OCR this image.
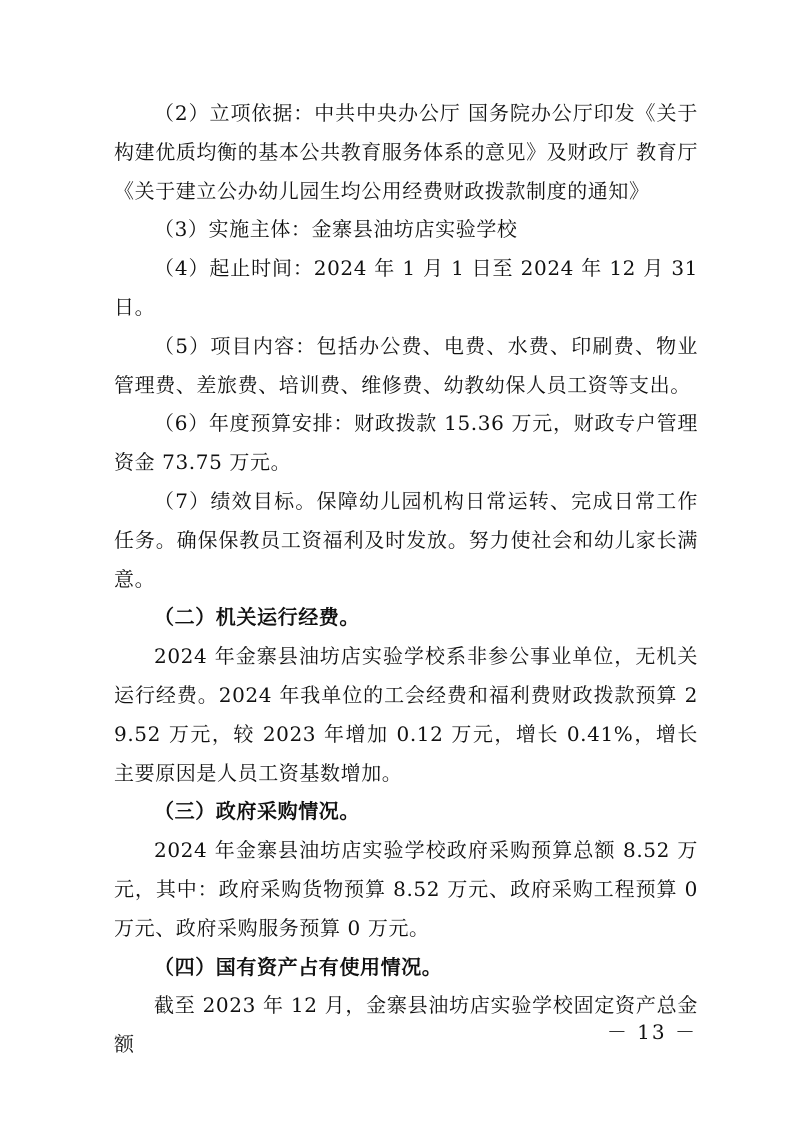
（2）立项依据：中共中央办公厅 国务院办公厅印发《关于构建优质均衡的基本公共教育服务体系的意见》及财政厅 教育厅《关于建立公办幼儿园生均公用经费财政拨款制度的通知》

（3）实施主体：金寨县油坊店实验学校

（4）起止时间：2024 年 1 月 1 日至 2024 年 12 月 31 日。

（5）项目内容：包括办公费、电费、水费、印刷费、物业管理费、差旅费、培训费、维修费、幼教幼保人员工资等支出。

（6）年度预算安排：财政拨款 15.36 万元，财政专户管理资金 73.75 万元。

（7）绩效目标。保障幼儿园机构日常运转、完成日常工作任务。确保保教员工资福利及时发放。努力使社会和幼儿家长满意。

（二）机关运行经费。

2024 年金寨县油坊店实验学校系非参公事业单位，无机关运行经费。2024 年我单位的工会经费和福利费财政拨款预算 29.52 万元，较 2023 年增加 0.12 万元，增长 0.41%，增长主要原因是人员工资基数增加。

（三）政府采购情况。

2024 年金寨县油坊店实验学校政府采购预算总额 8.52 万元，其中：政府采购货物预算 8.52 万元、政府采购工程预算 0 万元、政府采购服务预算 0 万元。

（四）国有资产占有使用情况。

截至 2023 年 12 月，金寨县油坊店实验学校固定资产总金额

－ 13 －
